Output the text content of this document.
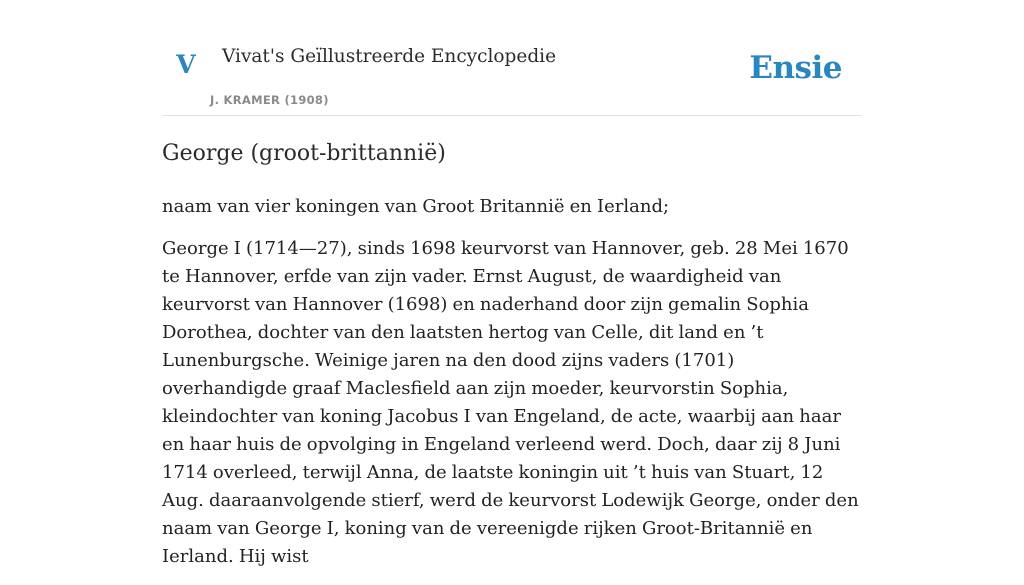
V	Vivat's Geïllustreerde Encyclopedie
J. KRAMER (1908)
Ensie
George (groot-brittannië)

naam van vier koningen van Groot Britannië en Ierland;

George I (1714—27), sinds 1698 keurvorst van Hannover, geb. 28 Mei 1670 te Hannover, erfde van zijn vader. Ernst August, de waardigheid van keurvorst van Hannover (1698) en naderhand door zijn gemalin Sophia Dorothea, dochter van den laatsten hertog van Celle, dit land en ’t Lunenburgsche. Weinige jaren na den dood zijns vaders (1701) overhandigde graaf Maclesfield aan zijn moeder, keurvorstin Sophia, kleindochter van koning Jacobus I van Engeland, de acte, waarbij aan haar en haar huis de opvolging in Engeland verleend werd. Doch, daar zij 8 Juni 1714 overleed, terwijl Anna, de laatste koningin uit ’t huis van Stuart, 12 Aug. daaraanvolgende stierf, werd de keurvorst Lodewijk George, onder den naam van George I, koning van de vereenigde rijken Groot-Britannië en Ierland. Hij wist
